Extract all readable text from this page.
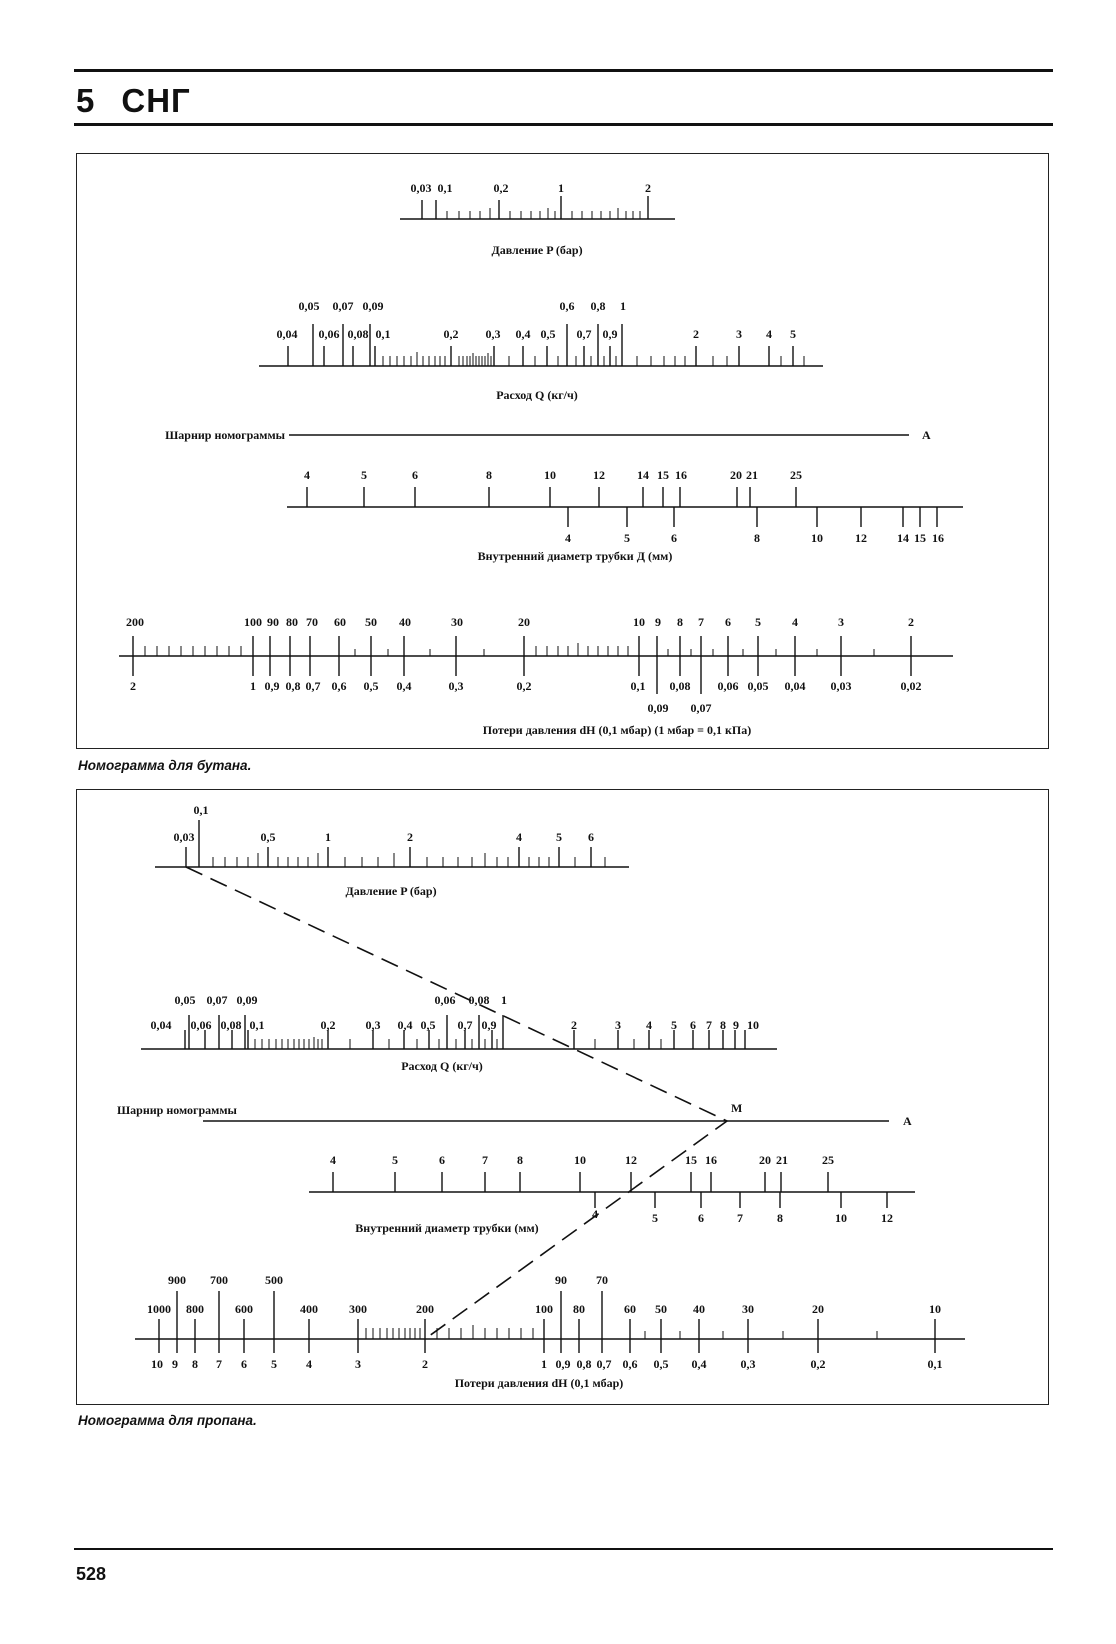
5 СНГ
0,03 0,1	0,2	1	2
Давление P (бар)
0,05 0,07 0,09	0,6 0,8 1
0,04 0,06 0,08 0,1	0,2 0,3 0,4 0,5 0,7 0,9	2	3 4 5
Расход Q (кг/ч)
Шарнир номограммы	A
4	5	6	8	10	12	14 15 16	20 21	25
4	5	6	8	10	12	14 15 16
Внутренний диаметр трубки Д (мм)
200	100 90 80 70 60 50 40	30	20	10 9 8 7 6 5	4	3	2
2	1 0,9 0,8 0,7 0,6 0,5 0,4	0,3	0,2	0,1
0,09
0,08
0,07
0,06 0,05 0,04 0,03	0,02
Потери давления dH (0,1 мбар) (1 мбар = 0,1 кПа)
Номограмма для бутана.
0,1
0,03	0,5	1	2	4	5 6
Давление P (бар)
0,05 0,07 0,09	0,06 0,08 1
0,04 0,06 0,08 0,1	0,2	0,3 0,4 0,5 0,7 0,9	2	3 4 5 6 7 8 9 10
Расход Q (кг/ч)
Шарнир номограммы	M
A
4	5	6	7 8	10	12	15 16	20 21	25
4	5	6	7	8	10	12
Внутренний диаметр трубки (мм)
900 700	500	90 70
1000 800	600	400	300	200	100 80	60 50 40	30	20	10
10 9 8 7 6 5 4	3	2	1 0,9 0,8 0,7 0,6 0,5 0,4	0,3	0,2	0,1
Потери давления dH (0,1 мбар)
Номограмма для пропана.
528
